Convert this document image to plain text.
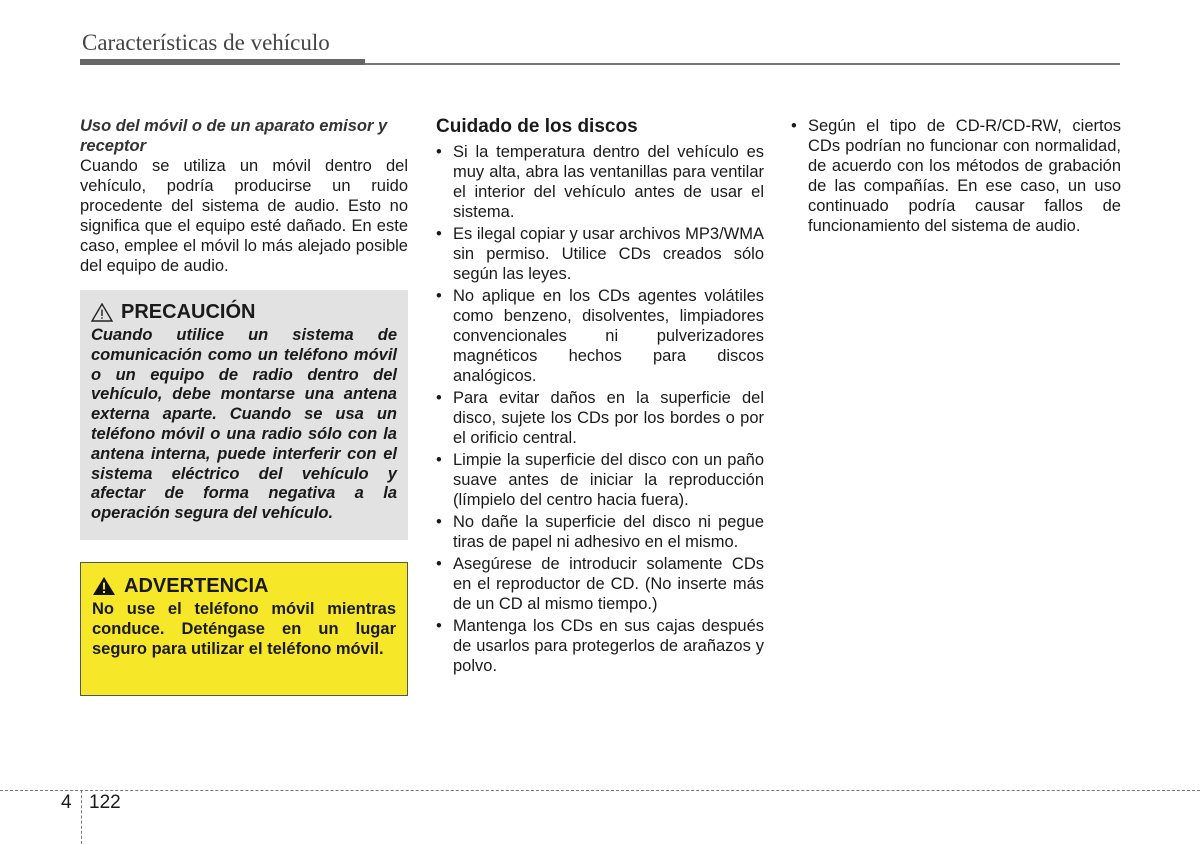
Características de vehículo

Uso del móvil o de un aparato emisor y receptor

Cuando se utiliza un móvil dentro del vehículo, podría producirse un ruido procedente del sistema de audio. Esto no significa que el equipo esté dañado. En este caso, emplee el móvil lo más alejado posible del equipo de audio.

PRECAUCIÓN

Cuando utilice un sistema de comunicación como un teléfono móvil o un equipo de radio dentro del vehículo, debe montarse una antena externa aparte. Cuando se usa un teléfono móvil o una radio sólo con la antena interna, puede interferir con el sistema eléctrico del vehículo y afectar de forma negativa a la operación segura del vehículo.

ADVERTENCIA

No use el teléfono móvil mientras conduce. Deténgase en un lugar seguro para utilizar el teléfono móvil.

Cuidado de los discos

• Si la temperatura dentro del vehículo es muy alta, abra las ventanillas para ventilar el interior del vehículo antes de usar el sistema.
• Es ilegal copiar y usar archivos MP3/WMA sin permiso. Utilice CDs creados sólo según las leyes.
• No aplique en los CDs agentes volátiles como benzeno, disolventes, limpiadores convencionales ni pulverizadores magnéticos hechos para discos analógicos.
• Para evitar daños en la superficie del disco, sujete los CDs por los bordes o por el orificio central.
• Limpie la superficie del disco con un paño suave antes de iniciar la reproducción (límpielo del centro hacia fuera).
• No dañe la superficie del disco ni pegue tiras de papel ni adhesivo en el mismo.
• Asegúrese de introducir solamente CDs en el reproductor de CD. (No inserte más de un CD al mismo tiempo.)
• Mantenga los CDs en sus cajas después de usarlos para protegerlos de arañazos y polvo.
• Según el tipo de CD-R/CD-RW, ciertos CDs podrían no funcionar con normalidad, de acuerdo con los métodos de grabación de las compañías. En ese caso, un uso continuado podría causar fallos de funcionamiento del sistema de audio.
4 122
